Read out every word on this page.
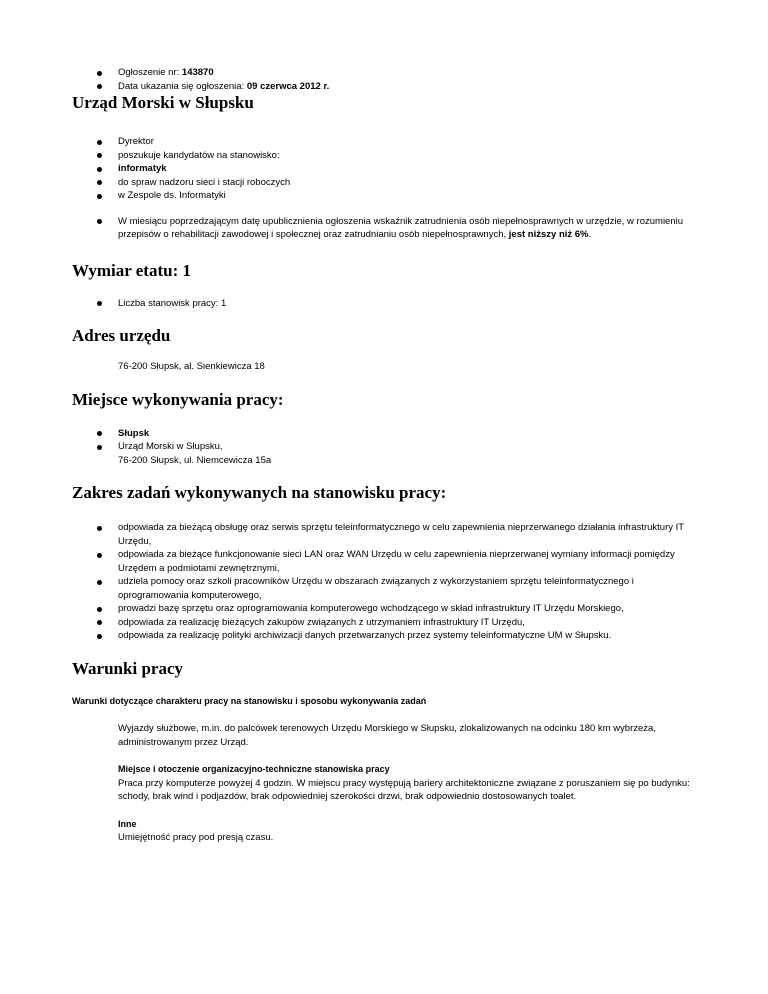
Ogłoszenie nr: 143870
Data ukazania się ogłoszenia: 09 czerwca 2012 r.
Urząd Morski w Słupsku
Dyrektor
poszukuje kandydatów na stanowisko:
informatyk
do spraw nadzoru sieci i stacji roboczych
w Zespole ds. Informatyki
W miesiącu poprzedzającym datę upublicznienia ogłoszenia wskaźnik zatrudnienia osób niepełnosprawnych w urzędzie, w rozumieniu przepisów o rehabilitacji zawodowej i społecznej oraz zatrudnianiu osób niepełnosprawnych, jest niższy niż 6%.
Wymiar etatu: 1
Liczba stanowisk pracy: 1
Adres urzędu
76-200 Słupsk, al. Sienkiewicza 18
Miejsce wykonywania pracy:
Słupsk
Urząd Morski w Słupsku,
76-200 Słupsk, ul. Niemcewicza 15a
Zakres zadań wykonywanych na stanowisku pracy:
odpowiada za bieżącą obsługę oraz serwis sprzętu teleinformatycznego w celu zapewnienia nieprzerwanego działania infrastruktury IT Urzędu,
odpowiada za bieżące funkcjonowanie sieci LAN oraz WAN Urzędu w celu zapewnienia nieprzerwanej wymiany informacji pomiędzy Urzędem a podmiotami zewnętrznymi,
udziela pomocy oraz szkoli pracowników Urzędu w obszarach związanych z wykorzystaniem sprzętu teleinformatycznego i oprogramowania komputerowego,
prowadzi bazę sprzętu oraz oprogramowania komputerowego wchodzącego w skład infrastruktury IT Urzędu Morskiego,
odpowiada za realizację bieżących zakupów związanych z utrzymaniem infrastruktury IT Urzędu,
odpowiada za realizację polityki archiwizacji danych przetwarzanych przez systemy teleinformatyczne UM w Słupsku.
Warunki pracy
Warunki dotyczące charakteru pracy na stanowisku i sposobu wykonywania zadań

Wyjazdy służbowe, m.in. do palcówek terenowych Urzędu Morskiego w Słupsku, zlokalizowanych na odcinku 180 km wybrzeża, administrowanym przez Urząd.

Miejsce i otoczenie organizacyjno-techniczne stanowiska pracy

Praca przy komputerze powyżej 4 godzin. W miejscu pracy występują bariery architektoniczne związane z poruszaniem się po budynku: schody, brak wind i podjazdów, brak odpowiedniej szerokości drzwi, brak odpowiednio dostosowanych toalet.

Inne

Umiejętność pracy pod presją czasu.
